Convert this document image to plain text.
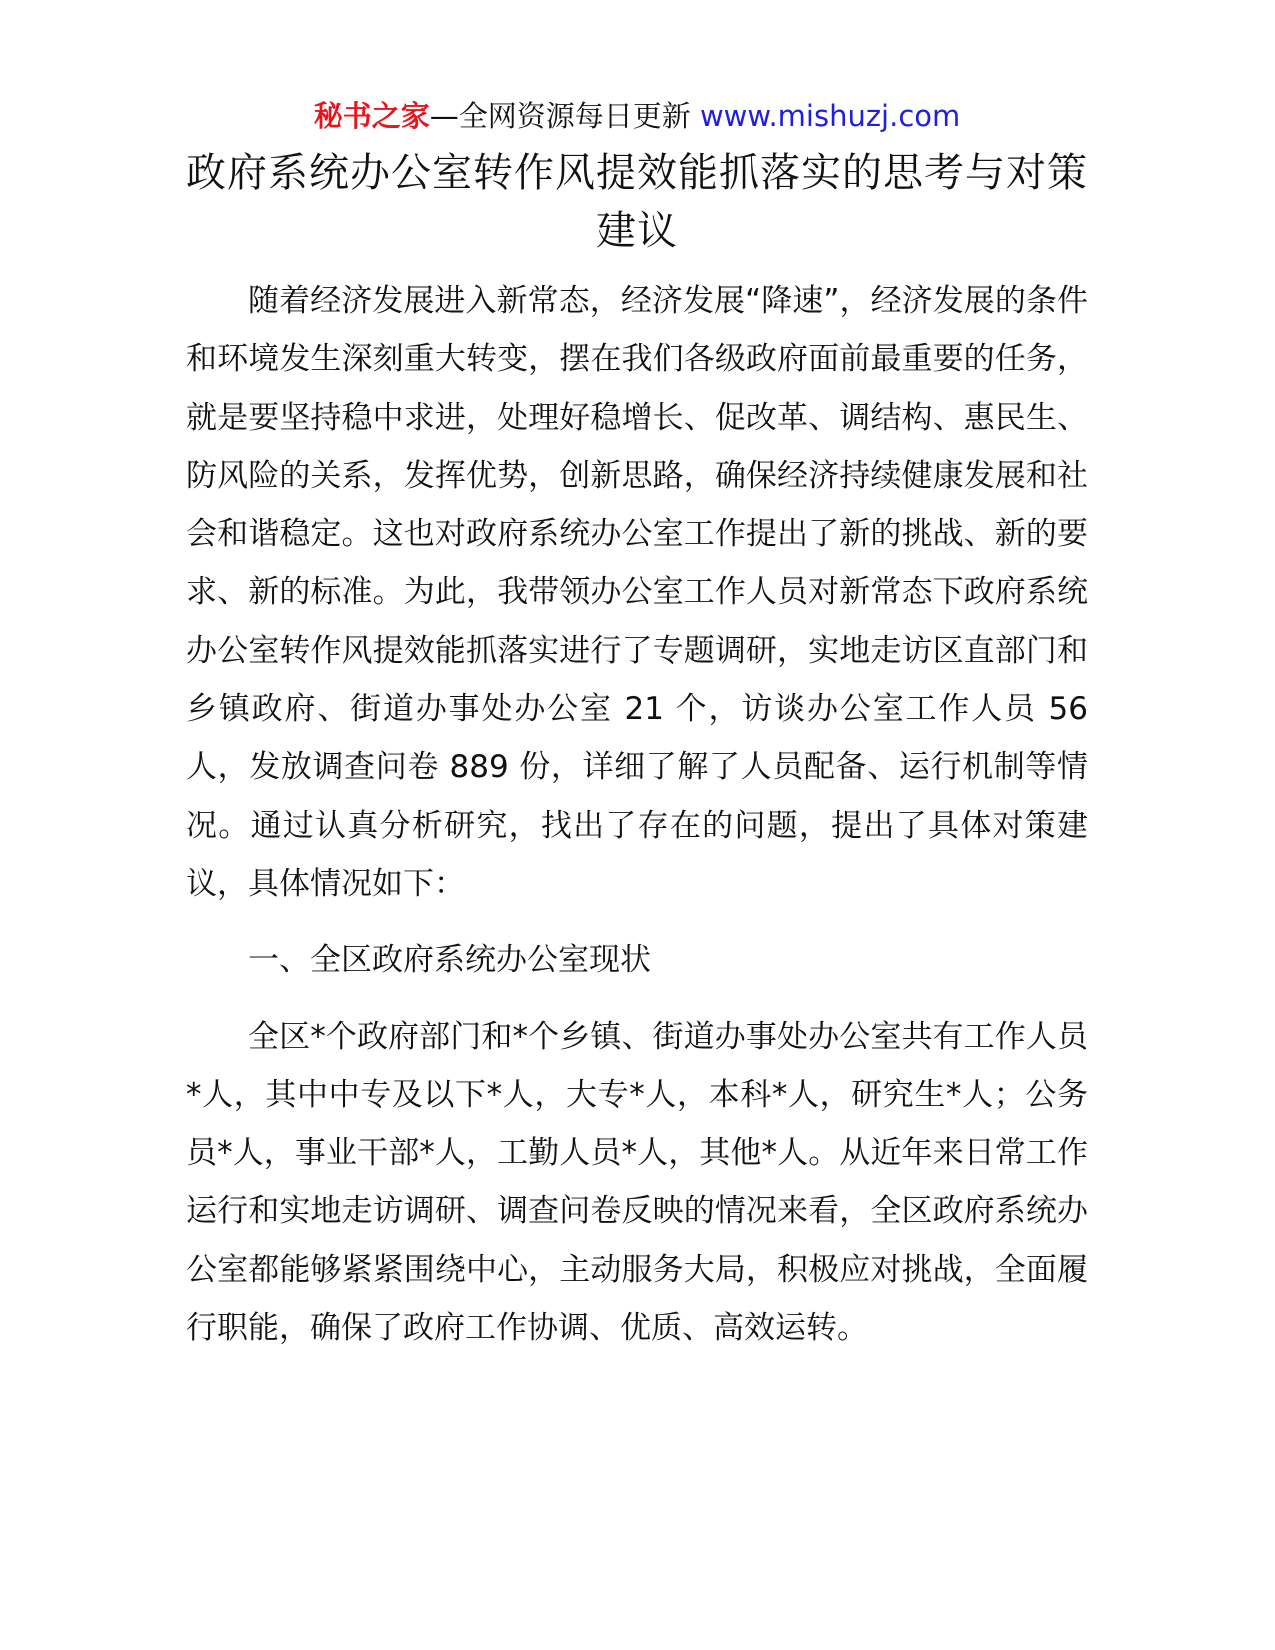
秘书之家—全网资源每日更新 www.mishuzj.com
政府系统办公室转作风提效能抓落实的思考与对策建议

随着经济发展进入新常态，经济发展“降速”，经济发展的条件和环境发生深刻重大转变，摆在我们各级政府面前最重要的任务，就是要坚持稳中求进，处理好稳增长、促改革、调结构、惠民生、防风险的关系，发挥优势，创新思路，确保经济持续健康发展和社会和谐稳定。这也对政府系统办公室工作提出了新的挑战、新的要求、新的标准。为此，我带领办公室工作人员对新常态下政府系统办公室转作风提效能抓落实进行了专题调研，实地走访区直部门和乡镇政府、街道办事处办公室 21 个，访谈办公室工作人员 56 人，发放调查问卷 889 份，详细了解了人员配备、运行机制等情况。通过认真分析研究，找出了存在的问题，提出了具体对策建议，具体情况如下：

一、全区政府系统办公室现状

全区*个政府部门和*个乡镇、街道办事处办公室共有工作人员*人，其中中专及以下*人，大专*人，本科*人，研究生*人；公务员*人，事业干部*人，工勤人员*人，其他*人。从近年来日常工作运行和实地走访调研、调查问卷反映的情况来看，全区政府系统办公室都能够紧紧围绕中心，主动服务大局，积极应对挑战，全面履行职能，确保了政府工作协调、优质、高效运转。
